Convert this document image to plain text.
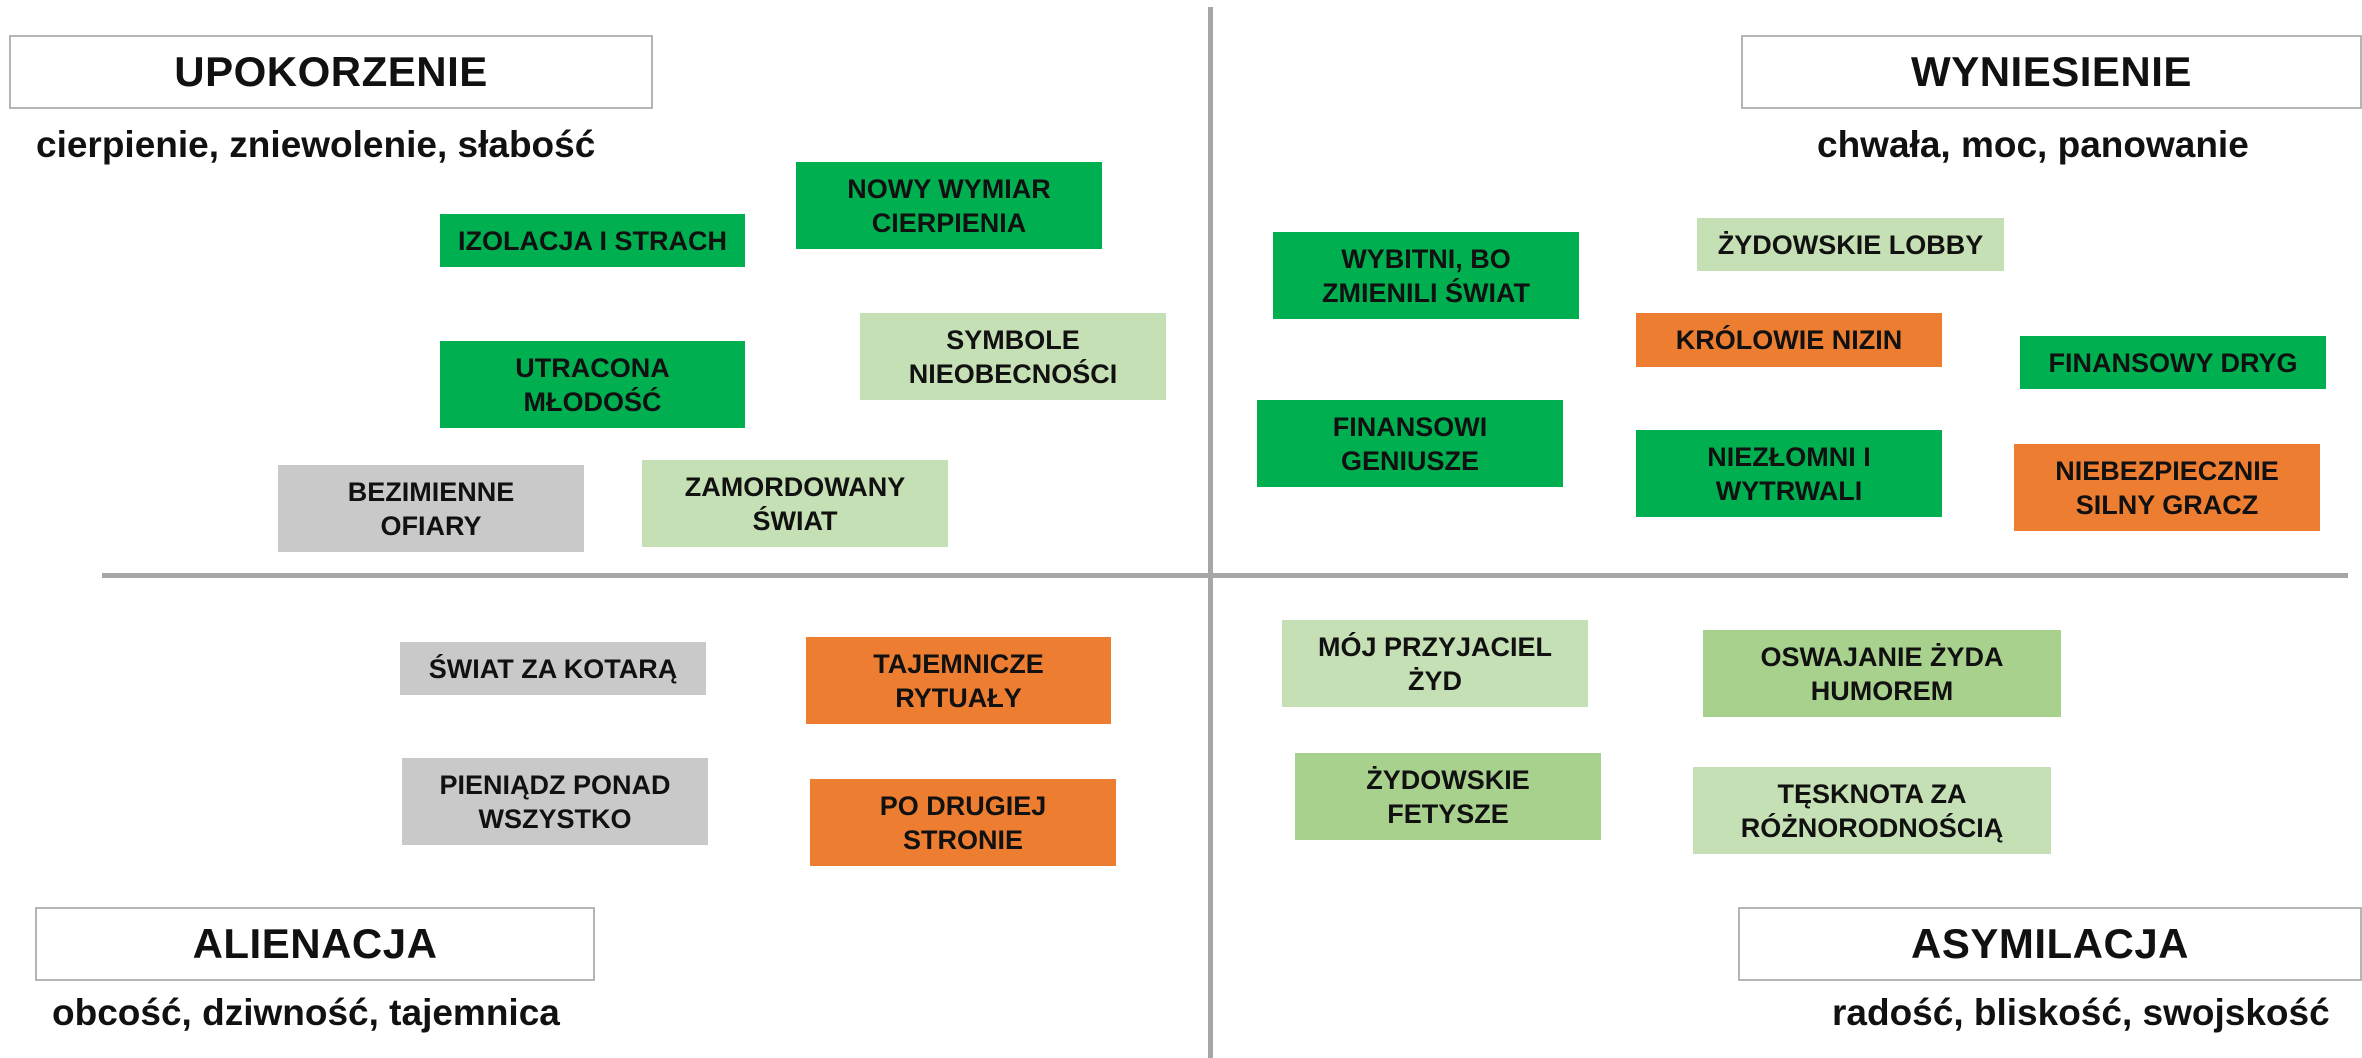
UPOKORZENIE
cierpienie, zniewolenie, słabość
WYNIESIENIE
chwała, moc, panowanie
ALIENACJA
obcość, dziwność, tajemnica
ASYMILACJA
radość, bliskość, swojskość
IZOLACJA I STRACH
NOWY WYMIAR
CIERPIENIA
UTRACONA
MŁODOŚĆ
SYMBOLE
NIEOBECNOŚCI
BEZIMIENNE
OFIARY
ZAMORDOWANY
ŚWIAT
WYBITNI, BO
ZMIENILI ŚWIAT
ŻYDOWSKIE LOBBY
KRÓLOWIE NIZIN
FINANSOWY DRYG
FINANSOWI
GENIUSZE	NIEZŁOMNI I
WYTRWALI
NIEBEZPIECZNIE
SILNY GRACZ
ŚWIAT ZA KOTARĄ	TAJEMNICZE
RYTUAŁY
PIENIĄDZ PONAD
WSZYSTKO	PO DRUGIEJ
STRONIE
MÓJ PRZYJACIEL
ŻYD
OSWAJANIE ŻYDA
HUMOREM
ŻYDOWSKIE
FETYSZE
TĘSKNOTA ZA
RÓŻNORODNOŚCIĄ
